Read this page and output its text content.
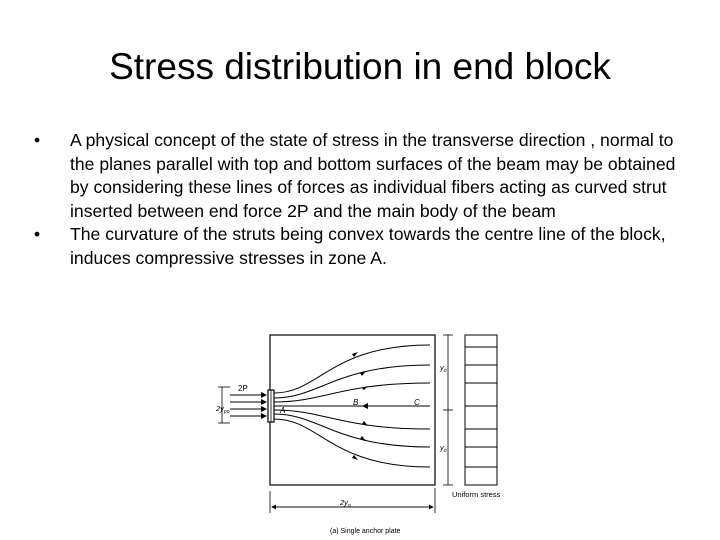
Stress distribution in end block
•	A physical concept of the state of stress in the transverse direction , normal to the planes parallel with top and bottom surfaces of the beam may be obtained by considering these lines of forces as individual fibers acting as curved strut inserted between end force 2P and the main body of the beam
•	The curvature of the struts being convex towards the centre line of the block, induces compressive stresses in zone A.
2P
$2y_{po}$	A
B	C
$y_o$
$y_o$
Uniform stress
$2y_o$
(a) Single anchor plate
